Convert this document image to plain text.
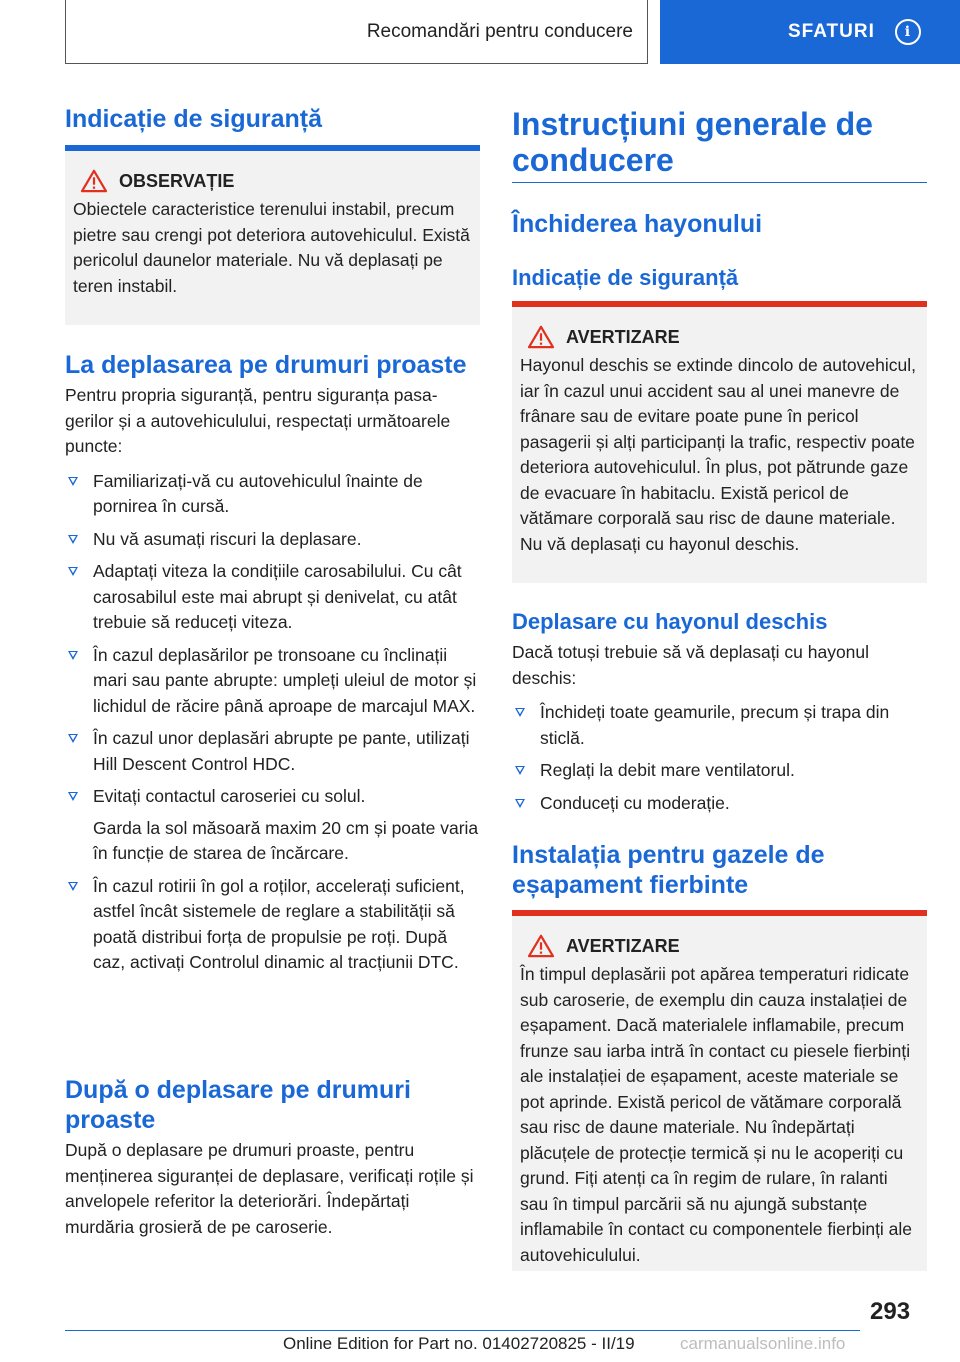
Recomandări pentru conducere	SFATURI	i

Indicație de siguranță

OBSERVAȚIE

Obiectele caracteristice terenului instabil, precum pietre sau crengi pot deteriora autovehiculul. Există pericolul daunelor materiale. Nu vă deplasați pe teren instabil.

La deplasarea pe drumuri proaste

Pentru propria siguranță, pentru siguranța pasagerilor și a autovehiculului, respectați următoarele puncte:

Familiarizați-vă cu autovehiculul înainte de pornirea în cursă.
Nu vă asumați riscuri la deplasare.
Adaptați viteza la condițiile carosabilului. Cu cât carosabilul este mai abrupt și denivelat, cu atât trebuie să reduceți viteza.
În cazul deplasărilor pe tronsoane cu înclinații mari sau pante abrupte: umpleți uleiul de motor și lichidul de răcire până aproape de marcajul MAX.
În cazul unor deplasări abrupte pe pante, utilizați Hill Descent Control HDC.
Evitați contactul caroseriei cu solul.

Garda la sol măsoară maxim 20 cm și poate varia în funcție de starea de încărcare.

În cazul rotirii în gol a roților, accelerați suficient, astfel încât sistemele de reglare a stabilității să poată distribui forța de propulsie pe roți. După caz, activați Controlul dinamic al tracțiunii DTC.

După o deplasare pe drumuri proaste

După o deplasare pe drumuri proaste, pentru menținerea siguranței de deplasare, verificați roțile și anvelopele referitor la deteriorări. Îndepărtați murdăria grosieră de pe caroserie.

Instrucțiuni generale de conducere

Închiderea hayonului

Indicație de siguranță

AVERTIZARE

Hayonul deschis se extinde dincolo de autovehicul, iar în cazul unui accident sau al unei manevre de frânare sau de evitare poate pune în pericol pasagerii și alți participanți la trafic, respectiv poate deteriora autovehiculul. În plus, pot pătrunde gaze de evacuare în habitaclu. Există pericol de vătămare corporală sau risc de daune materiale. Nu vă deplasați cu hayonul deschis.

Deplasare cu hayonul deschis

Dacă totuși trebuie să vă deplasați cu hayonul deschis:

Închideți toate geamurile, precum și trapa din sticlă.
Reglați la debit mare ventilatorul.
Conduceți cu moderație.

Instalația pentru gazele de eșapament fierbinte

AVERTIZARE

În timpul deplasării pot apărea temperaturi ridicate sub caroserie, de exemplu din cauza instalației de eșapament. Dacă materialele inflamabile, precum frunze sau iarba intră în contact cu piesele fierbinți ale instalației de eșapament, aceste materiale se pot aprinde. Există pericol de vătămare corporală sau risc de daune materiale. Nu îndepărtați plăcuțele de protecție termică și nu le acoperiți cu grund. Fiți atenți ca în regim de rulare, în ralanti sau în timpul parcării să nu ajungă substanțe inflamabile în contact cu componentele fierbinți ale autovehiculului.

293
Online Edition for Part no. 01402720825 - II/19	carmanualsonline.info
